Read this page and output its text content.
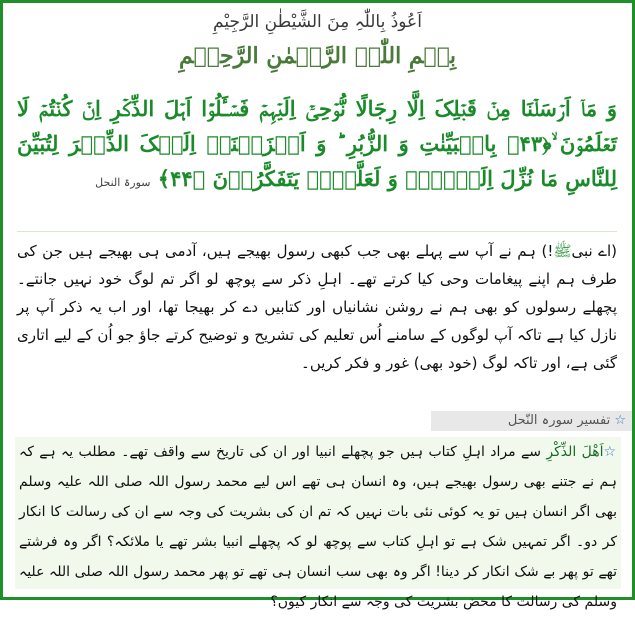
اَعُوذُ بِاللّٰہِ مِنَ الشَّیْطٰنِ الرَّجِیْمِ
بِسۡمِ اللّٰہِ الرَّحۡمٰنِ الرَّحِیۡمِ
وَ مَاۤ اَرۡسَلۡنَا مِنۡ قَبۡلِکَ اِلَّا رِجَالًا نُّوۡحِیۡۤ اِلَیۡہِمۡ فَسۡـَٔلُوۡۤا اَہۡلَ الذِّکۡرِ اِنۡ کُنۡتُمۡ لَا تَعۡلَمُوۡنَ ۙ﴿۴۳﴾ بِالۡبَیِّنٰتِ وَ الزُّبُرِ ؕ وَ اَنۡزَلۡنَاۤ اِلَیۡکَ الذِّکۡرَ لِتُبَیِّنَ لِلنَّاسِ مَا نُزِّلَ اِلَیۡہِمۡ وَ لَعَلَّہُمۡ یَتَفَکَّرُوۡنَ ﴿۴۴﴾ سورۃ النحل
(اے نبیﷺ!) ہم نے آپ سے پہلے بھی جب کبھی رسول بھیجے ہیں، آدمی ہی بھیجے ہیں جن کی طرف ہم اپنے پیغامات وحی کیا کرتے تھے۔ اہلِ ذکر سے پوچھ لو اگر تم لوگ خود نہیں جانتے۔ پچھلے رسولوں کو بھی ہم نے روشن نشانیاں اور کتابیں دے کر بھیجا تھا، اور اب یہ ذکر آپ پر نازل کیا ہے تاکہ آپ لوگوں کے سامنے اُس تعلیم کی تشریح و توضیح کرتے جاؤ جو اُن کے لیے اتاری گئی ہے، اور تاکہ لوگ (خود بھی) غور و فکر کریں۔
☆ تفسیر سورہ النّحل
☆اَھْلَ الذِّکْرِ سے مراد اہلِ کتاب ہیں جو پچھلے انبیا اور ان کی تاریخ سے واقف تھے۔ مطلب یہ ہے کہ ہم نے جتنے بھی رسول بھیجے ہیں، وہ انسان ہی تھے اس لیے محمد رسول اللہ صلی اللہ علیہ وسلم بھی اگر انسان ہیں تو یہ کوئی نئی بات نہیں کہ تم ان کی بشریت کی وجہ سے ان کی رسالت کا انکار کر دو۔ اگر تمہیں شک ہے تو اہلِ کتاب سے پوچھ لو کہ پچھلے انبیا بشر تھے یا ملائکہ؟ اگر وہ فرشتے تھے تو پھر بے شک انکار کر دینا! اگر وہ بھی سب انسان ہی تھے تو پھر محمد رسول اللہ صلی اللہ علیہ وسلم کی رسالت کا محض بشریت کی وجہ سے انکار کیوں؟
